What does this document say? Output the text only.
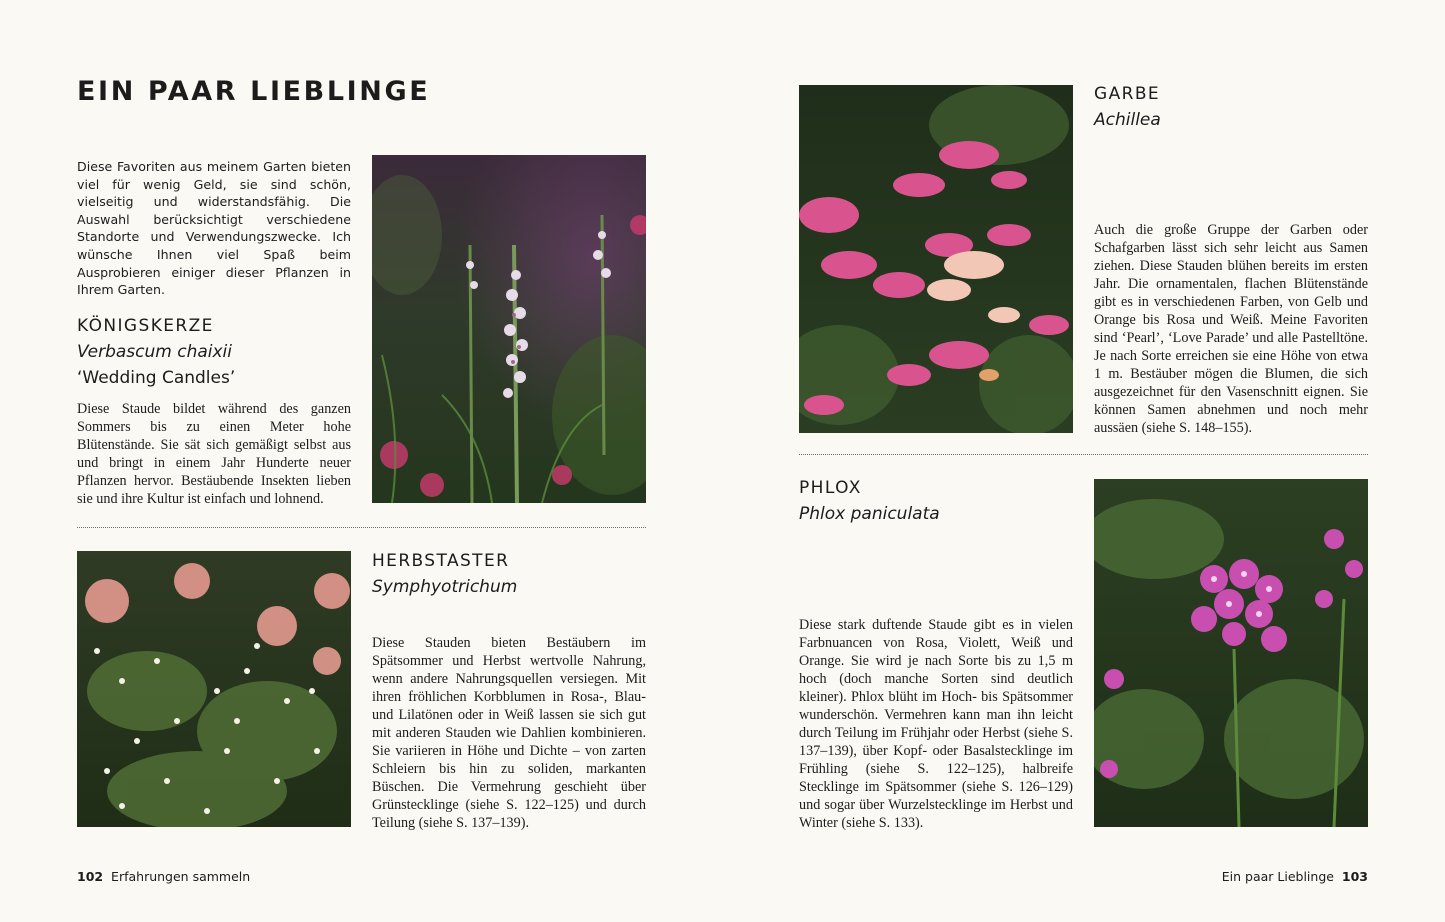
EIN PAAR LIEBLINGE
Diese Favoriten aus meinem Garten bieten viel für wenig Geld, sie sind schön, vielseitig und widerstandsfähig. Die Auswahl berücksichtigt verschiedene Standorte und Verwendungszwecke. Ich wünsche Ihnen viel Spaß beim Ausprobieren einiger dieser Pflanzen in Ihrem Garten.
KÖNIGSKERZE
Verbascum chaixii
‘Wedding Candles’
Diese Staude bildet während des ganzen Sommers bis zu einen Meter hohe Blütenstände. Sie sät sich gemäßigt selbst aus und bringt in einem Jahr Hunderte neuer Pflanzen hervor. Bestäubende Insekten lieben sie und ihre Kultur ist einfach und lohnend.
HERBSTASTER
Symphyotrichum
Diese Stauden bieten Bestäubern im Spätsommer und Herbst wertvolle Nahrung, wenn andere Nahrungsquellen versiegen. Mit ihren fröhlichen Korbblumen in Rosa-, Blau- und Lilatönen oder in Weiß lassen sie sich gut mit anderen Stauden wie Dahlien kombinieren. Sie variieren in Höhe und Dichte – von zarten Schleiern bis hin zu soliden, markanten Büschen. Die Vermehrung geschieht über Grünstecklinge (siehe S. 122–125) und durch Teilung (siehe S. 137–139).
102 Erfahrungen sammeln
GARBE
Achillea
Auch die große Gruppe der Garben oder Schafgarben lässt sich sehr leicht aus Samen ziehen. Diese Stauden blühen bereits im ersten Jahr. Die ornamentalen, flachen Blütenstände gibt es in verschiedenen Farben, von Gelb und Orange bis Rosa und Weiß. Meine Favoriten sind ‘Pearl’, ‘Love Parade’ und alle Pastelltöne. Je nach Sorte erreichen sie eine Höhe von etwa 1 m. Bestäuber mögen die Blumen, die sich ausgezeichnet für den Vasenschnitt eignen. Sie können Samen abnehmen und noch mehr aussäen (siehe S. 148–155).
PHLOX
Phlox paniculata
Diese stark duftende Staude gibt es in vielen Farbnuancen von Rosa, Violett, Weiß und Orange. Sie wird je nach Sorte bis zu 1,5 m hoch (doch manche Sorten sind deutlich kleiner). Phlox blüht im Hoch- bis Spätsommer wunderschön. Vermehren kann man ihn leicht durch Teilung im Frühjahr oder Herbst (siehe S. 137–139), über Kopf- oder Basalstecklinge im Frühling (siehe S. 122–125), halbreife Stecklinge im Spätsommer (siehe S. 126–129) und sogar über Wurzelstecklinge im Herbst und Winter (siehe S. 133).
Ein paar Lieblinge 103
